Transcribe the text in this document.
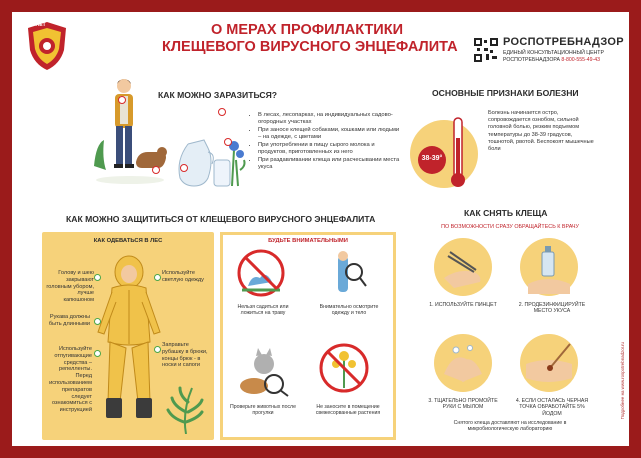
100 ЛЕТ	О МЕРАХ ПРОФИЛАКТИКИ
КЛЕЩЕВОГО ВИРУСНОГО ЭНЦЕФАЛИТА	РОСПОТРЕБНАДЗОР
ЕДИНЫЙ КОНСУЛЬТАЦИОННЫЙ ЦЕНТР
РОСПОТРЕБНАДЗОРА 8-800-555-49-43
КАК МОЖНО ЗАРАЗИТЬСЯ?
• В лесах, лесопарках, на индивидуальных садово-огородных участках
• При заносе клещей собаками, кошками или людьми – на одежде, с цветами
• При употреблении в пищу сырого молока и продуктов, приготовленных из него
• При раздавливании клеща или расчесывании места укуса
ОСНОВНЫЕ ПРИЗНАКИ БОЛЕЗНИ
38-39°
Болезнь начинается остро, сопровождается ознобом, сильной головной болью, резким подъемом температуры до 38-39 градусов, тошнотой, рвотой. Беспокоят мышечные боли
КАК МОЖНО ЗАЩИТИТЬСЯ ОТ КЛЕЩЕВОГО ВИРУСНОГО ЭНЦЕФАЛИТА
КАК ОДЕВАТЬСЯ В ЛЕС
Голову и шею закрывают головным убором, лучше капюшоном
Рукава должны быть длинными
Используйте отпугивающие средства – репелленты. Перед использованием препаратов следует ознакомиться с инструкцией
Используйте светлую одежду
Заправьте рубашку в брюки, концы брюк - в носки и сапоги
БУДЬТЕ ВНИМАТЕЛЬНЫМИ
Нельзя садиться или ложиться на траву
Внимательно осмотрите одежду и тело
Проверьте животных после прогулки
Не заносите в помещение свежесорванные растения
КАК СНЯТЬ КЛЕЩА
ПО ВОЗМОЖНОСТИ СРАЗУ ОБРАЩАЙТЕСЬ К ВРАЧУ
1. ИСПОЛЬЗУЙТЕ ПИНЦЕТ	2. ПРОДЕЗИНФИЦИРУЙТЕ МЕСТО УКУСА
3. ТЩАТЕЛЬНО ПРОМОЙТЕ РУКИ С МЫЛОМ
4. ЕСЛИ ОСТАЛАСЬ ЧЕРНАЯ ТОЧКА ОБРАБОТАЙТЕ 5% ЙОДОМ
Снятого клеща доставляют на исследование в микробиологическую лабораторию
Подробнее на www.rospotrebnadzor.ru
